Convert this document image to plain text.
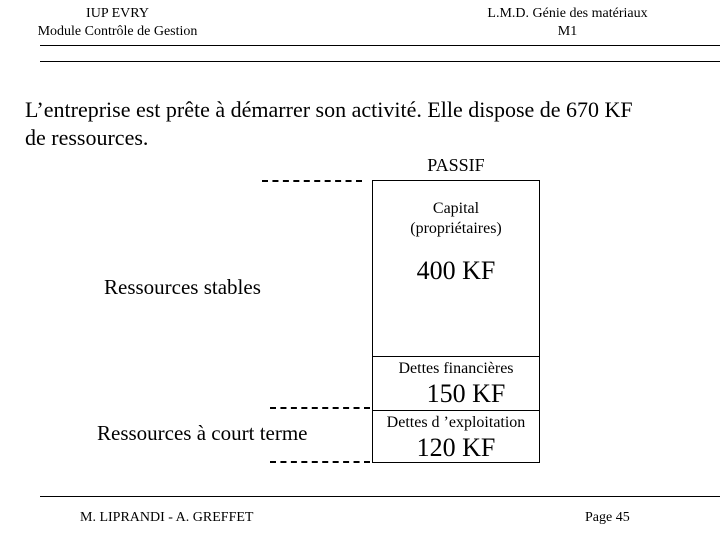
IUP EVRY
Module Contrôle de Gestion
L.M.D. Génie des matériaux
M1
L’entreprise est prête à démarrer son activité. Elle dispose de 670 KF
de ressources.
PASSIF
Capital
(propriétaires)
400 KF
Dettes financières
150 KF
Dettes d ’exploitation
120 KF
Ressources stables
Ressources à court terme
M. LIPRANDI - A. GREFFET	Page 45
